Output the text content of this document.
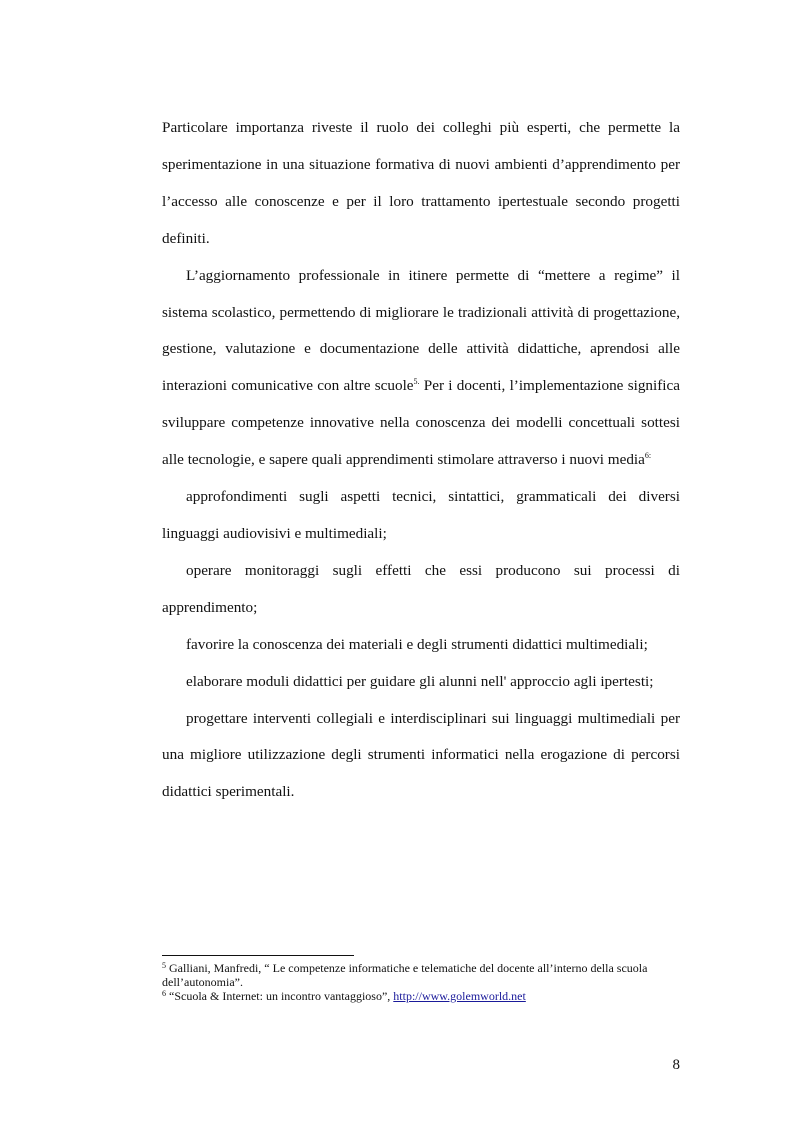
Particolare importanza riveste il ruolo dei colleghi più esperti, che permette la sperimentazione in una situazione formativa di nuovi ambienti d’apprendimento per l’accesso alle conoscenze e per il loro trattamento ipertestuale secondo progetti definiti.

L’aggiornamento professionale in itinere permette di “mettere a regime” il sistema scolastico, permettendo di migliorare le tradizionali attività di progettazione, gestione, valutazione e documentazione delle attività didattiche, aprendosi alle interazioni comunicative con altre scuole$^{5.}$ Per i docenti, l’implementazione significa sviluppare competenze innovative nella conoscenza dei modelli concettuali sottesi alle tecnologie, e sapere quali apprendimenti stimolare attraverso i nuovi media$^{6:}$

approfondimenti sugli aspetti tecnici, sintattici, grammaticali dei diversi linguaggi audiovisivi e multimediali;

operare monitoraggi sugli effetti che essi producono sui processi di apprendimento;

favorire la conoscenza dei materiali e degli strumenti didattici multimediali;

elaborare moduli didattici per guidare gli alunni nell' approccio agli ipertesti;

progettare interventi collegiali e interdisciplinari sui linguaggi multimediali per una migliore utilizzazione degli strumenti informatici nella erogazione di percorsi didattici sperimentali.

$^5$ Galliani, Manfredi, “ Le competenze informatiche e telematiche del docente all’interno della scuola dell’autonomia”.

$^6$ “Scuola & Internet: un incontro vantaggioso”, http://www.golemworld.net

8
